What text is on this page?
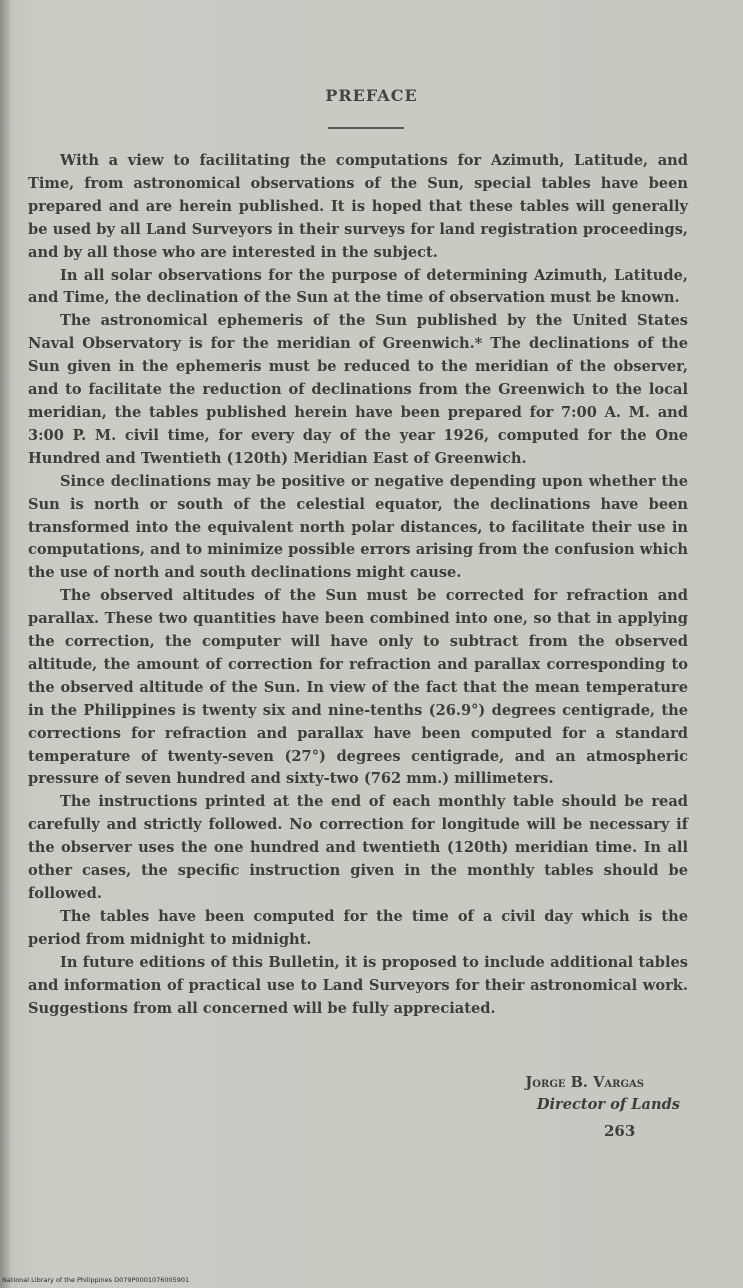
PREFACE

With a view to facilitating the computations for Azimuth, Latitude, and Time, from astronomical observations of the Sun, special tables have been prepared and are herein published. It is hoped that these tables will generally be used by all Land Surveyors in their surveys for land registration proceedings, and by all those who are interested in the subject.

In all solar observations for the purpose of determining Azimuth, Latitude, and Time, the declination of the Sun at the time of observation must be known.

The astronomical ephemeris of the Sun published by the United States Naval Observatory is for the meridian of Greenwich.* The declinations of the Sun given in the ephemeris must be reduced to the meridian of the observer, and to facilitate the reduction of declinations from the Greenwich to the local meridian, the tables published herein have been prepared for 7:00 A. M. and 3:00 P. M. civil time, for every day of the year 1926, computed for the One Hundred and Twentieth (120th) Meridian East of Greenwich.

Since declinations may be positive or negative depending upon whether the Sun is north or south of the celestial equator, the declinations have been transformed into the equivalent north polar distances, to facilitate their use in computations, and to minimize possible errors arising from the confusion which the use of north and south declinations might cause.

The observed altitudes of the Sun must be corrected for refraction and parallax. These two quantities have been combined into one, so that in applying the correction, the computer will have only to subtract from the observed altitude, the amount of correction for refraction and parallax corresponding to the observed altitude of the Sun. In view of the fact that the mean temperature in the Philippines is twenty six and nine-tenths (26.9°) degrees centigrade, the corrections for refraction and parallax have been computed for a standard temperature of twenty-seven (27°) degrees centigrade, and an atmospheric pressure of seven hundred and sixty-two (762 mm.) millimeters.

The instructions printed at the end of each monthly table should be read carefully and strictly followed. No correction for longitude will be necessary if the observer uses the one hundred and twentieth (120th) meridian time. In all other cases, the specific instruction given in the monthly tables should be followed.

The tables have been computed for the time of a civil day which is the period from midnight to midnight.

In future editions of this Bulletin, it is proposed to include additional tables and information of practical use to Land Surveyors for their astronomical work. Suggestions from all concerned will be fully appreciated.

Jorge B. Vargas
Director of Lands
263
National Library of the Philippines D079P0001076005901
